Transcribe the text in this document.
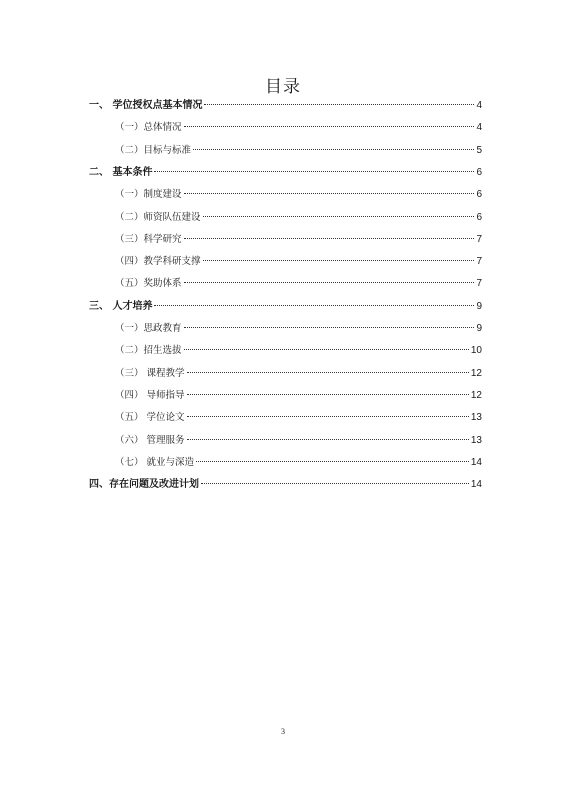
目录
一、 学位授权点基本情况	4
（一）总体情况	4
（二）目标与标准	5
二、 基本条件	6
（一）制度建设	6
（二）师资队伍建设	6
（三）科学研究	7
（四）教学科研支撑	7
（五）奖助体系	7
三、 人才培养	9
（一）思政教育	9
（二）招生选拔	10
（三） 课程教学	12
（四） 导师指导	12
（五） 学位论文	13
（六） 管理服务	13
（七） 就业与深造	14
四、存在问题及改进计划	14
3
